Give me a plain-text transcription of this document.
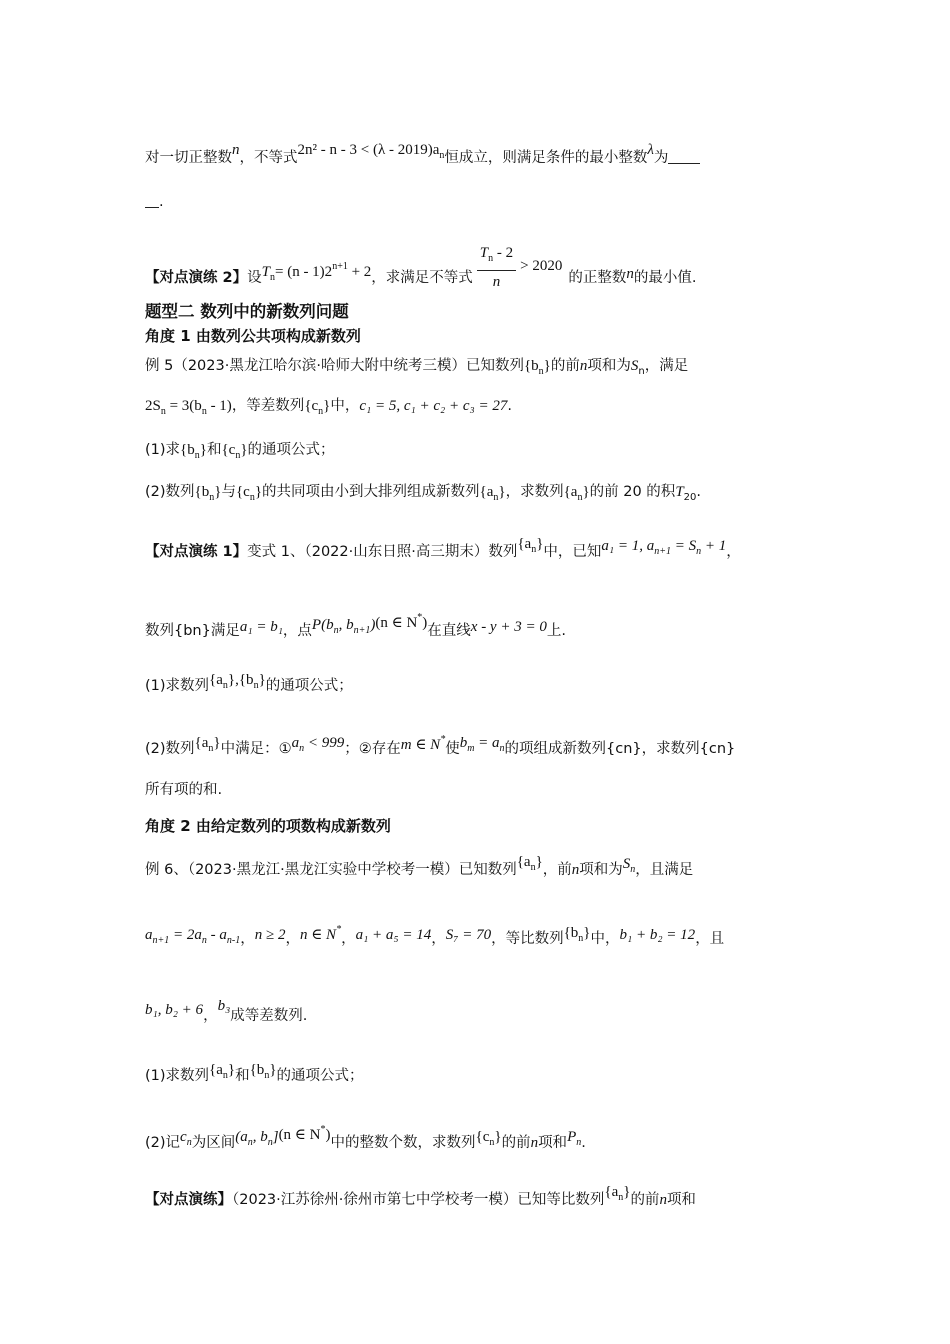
对一切正整数n，不等式$2n^2 - n - 3 < (\lambda - 2019)a_n$恒成立，则满足条件的最小整数λ为
.
【对点演练 2】设$T_n= (n - 1)2^{n+1} + 2$，求满足不等式 $\frac{T_n - 2}{n} > 2020$的正整数n的最小值.
题型二 数列中的新数列问题
角度 1 由数列公共项构成新数列
例 5（2023·黑龙江哈尔滨·哈师大附中统考三模）已知数列$\{b_n\}$的前n项和为$S_n$，满足
$2S_n = 3(b_n - 1)$，等差数列$\{c_n\}$中，c₁ = 5, c₁ + c₂ + c₃ = 27.
(1)求$\{b_n\}$和$\{c_n\}$的通项公式；
(2)数列$\{b_n\}$与$\{c_n\}$的共同项由小到大排列组成新数列$\{a_n\}$，求数列$\{a_n\}$的前 20 的积$T_{20}$.
【对点演练 1】变式 1、（2022·山东日照·高三期末）数列$\{a_n\}$中，已知a₁ = 1, $a_{n+1} = S_n + 1$，
数列{bn}满足a₁ = b₁，点$P(b_n$, $b_{n+1})(n$ ∈ N*)在直线x - y + 3 = 0上.
(1)求数列$\{a_n\},\{b_n\}$的通项公式；
(2)数列$\{a_n\}$中满足：$①a_n < 999$；②存在m ∈ N*使$b_m = a_n$的项组成新数列{cn}，求数列{cn}
所有项的和.
角度 2 由给定数列的项数构成新数列
例 6、（2023·黑龙江·黑龙江实验中学校考一模）已知数列$\{a_n\}$，前n项和为$S_n$，且满足
$a_{n+1} = 2a_n - a_{n-1}$，n ≥ 2，n ∈ N*，a₁ + a₅ = 14，S₇ = 70，等比数列$\{b_n\}$中，b₁ + b₂ = 12，且
b₁, b₂ + 6，b₃成等差数列.
(1)求数列$\{a_n\}$和$\{b_n\}$的通项公式；
(2)记$c_n$为区间($a_n$, $b_n](n$ ∈ N*)中的整数个数，求数列$\{c_n\}$的前n项和$P_n$.
【对点演练】（2023·江苏徐州·徐州市第七中学校考一模）已知等比数列$\{a_n\}$的前n项和
